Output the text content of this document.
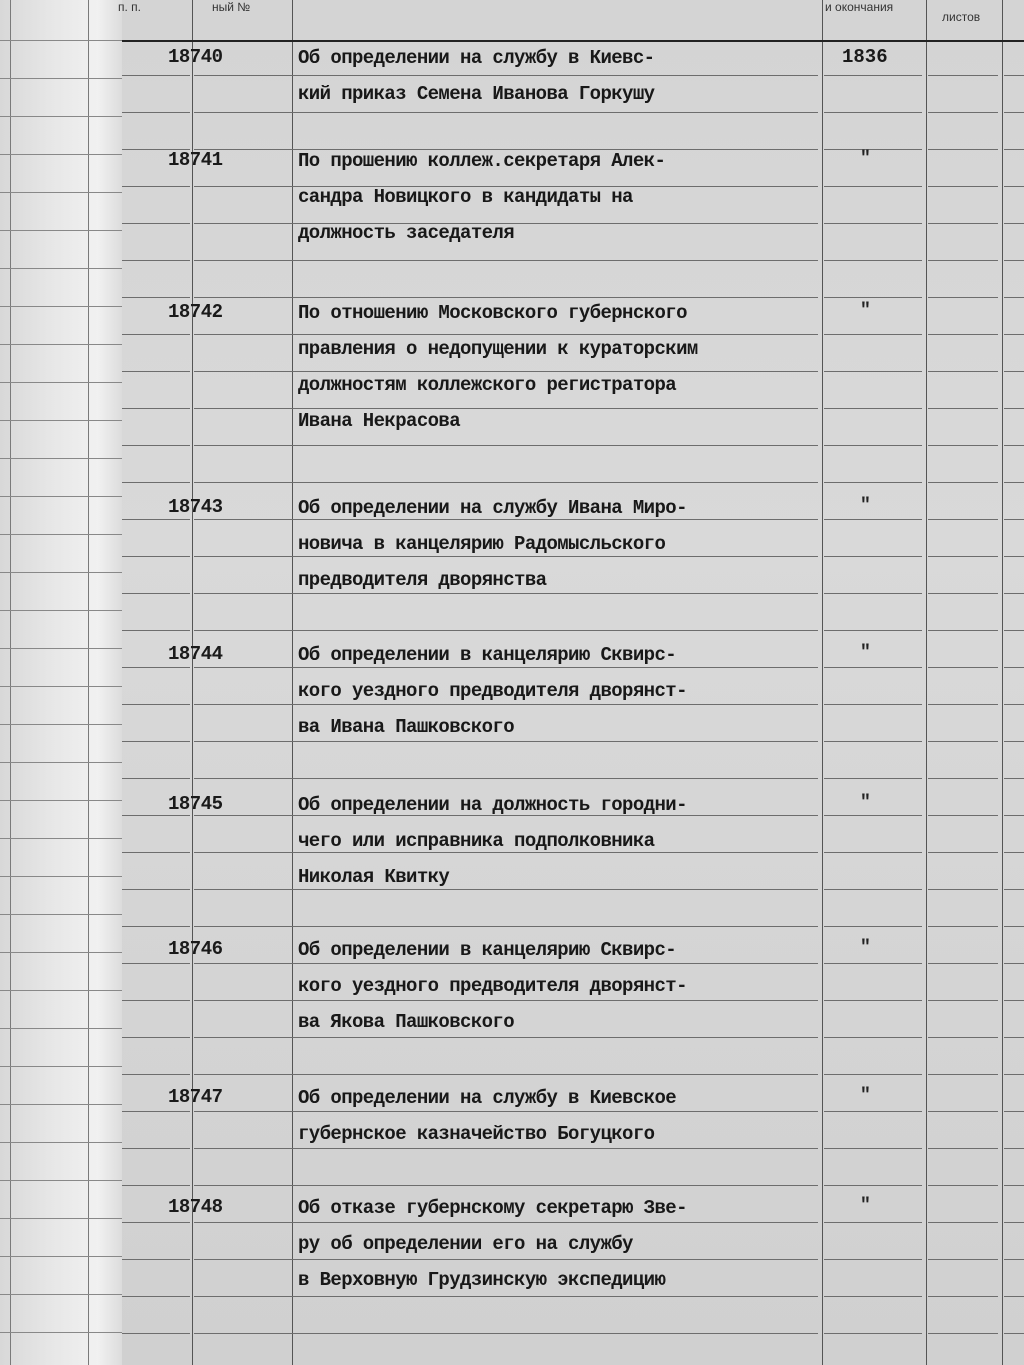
п. п.	ный №	и окончания
листов
18740	Об определении на службу в Киевс-
кий приказ Семена Иванова Горкушу
1836
18741	По прошению коллеж.секретаря Алек-
сандра Новицкого в кандидаты на
должность заседателя
"
18742	По отношению Московского губернского
правления о недопущении к кураторским
должностям коллежского регистратора
Ивана Некрасова
"
18743	Об определении на службу Ивана Миро-
новича в канцелярию Радомысльского
предводителя дворянства
"
18744	Об определении в канцелярию Сквирс-
кого уездного предводителя дворянст-
ва Ивана Пашковского
"
18745	Об определении на должность городни-
чего или исправника подполковника
Николая Квитку
"
18746	Об определении в канцелярию Сквирс-
кого уездного предводителя дворянст-
ва Якова Пашковского
"
18747	Об определении на службу в Киевское
губернское казначейство Богуцкого
"
18748	Об отказе губернскому секретарю Зве-
ру об определении его на службу
в Верховную Грудзинскую экспедицию
"
